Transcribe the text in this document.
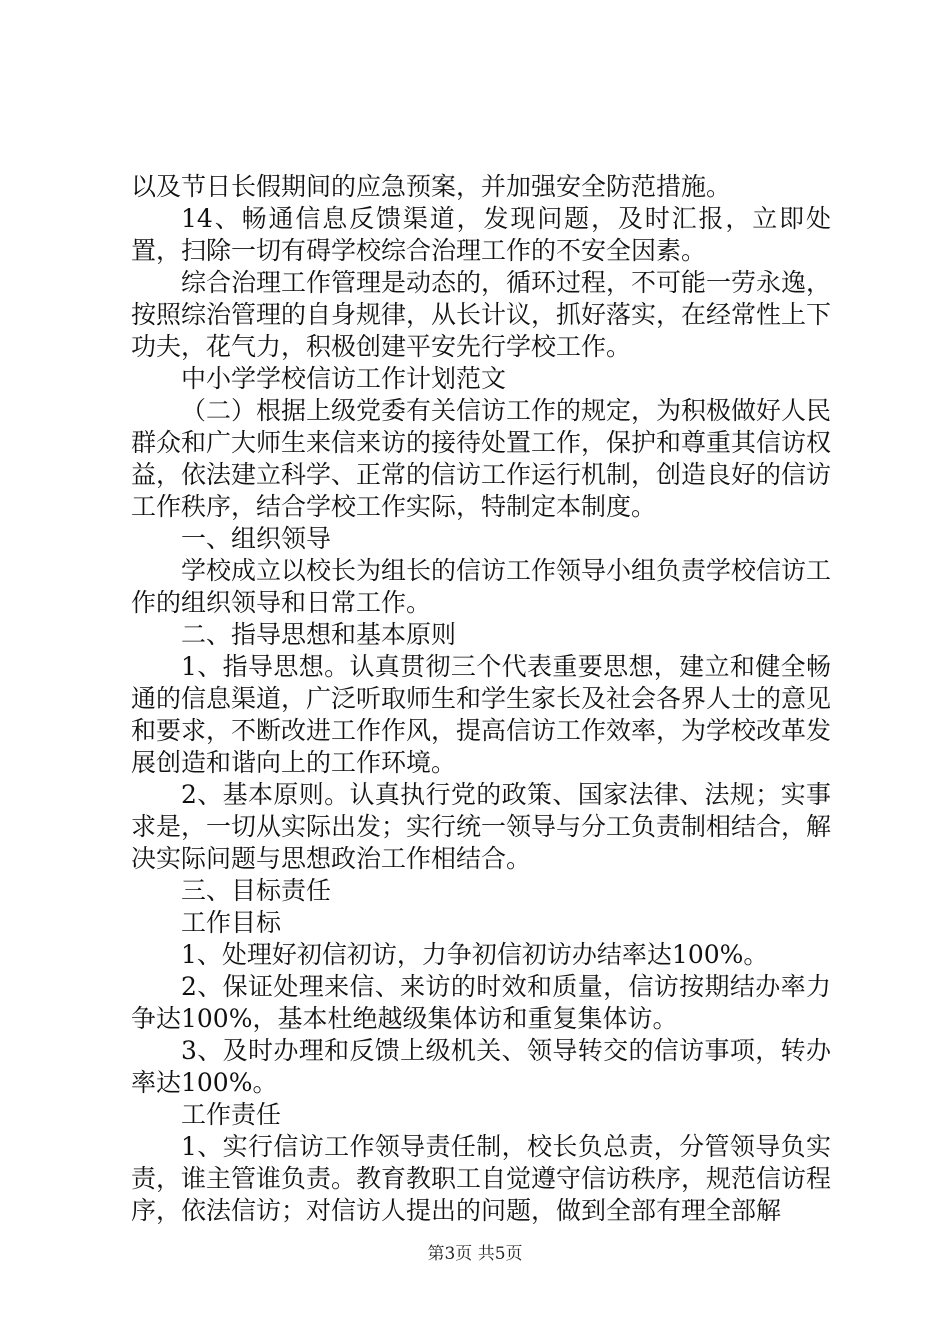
以及节日长假期间的应急预案，并加强安全防范措施。

14、畅通信息反馈渠道，发现问题，及时汇报，立即处置，扫除一切有碍学校综合治理工作的不安全因素。

综合治理工作管理是动态的，循环过程，不可能一劳永逸，按照综治管理的自身规律，从长计议，抓好落实，在经常性上下功夫，花气力，积极创建平安先行学校工作。

中小学学校信访工作计划范文

（二）根据上级党委有关信访工作的规定，为积极做好人民群众和广大师生来信来访的接待处置工作，保护和尊重其信访权益，依法建立科学、正常的信访工作运行机制，创造良好的信访工作秩序，结合学校工作实际，特制定本制度。

一、组织领导

学校成立以校长为组长的信访工作领导小组负责学校信访工作的组织领导和日常工作。

二、指导思想和基本原则

1、指导思想。认真贯彻三个代表重要思想，建立和健全畅通的信息渠道，广泛听取师生和学生家长及社会各界人士的意见和要求，不断改进工作作风，提高信访工作效率，为学校改革发展创造和谐向上的工作环境。

2、基本原则。认真执行党的政策、国家法律、法规；实事求是，一切从实际出发；实行统一领导与分工负责制相结合，解决实际问题与思想政治工作相结合。

三、目标责任

工作目标

1、处理好初信初访，力争初信初访办结率达100%。

2、保证处理来信、来访的时效和质量，信访按期结办率力争达100%，基本杜绝越级集体访和重复集体访。

3、及时办理和反馈上级机关、领导转交的信访事项，转办率达100%。

工作责任

1、实行信访工作领导责任制，校长负总责，分管领导负实责，谁主管谁负责。教育教职工自觉遵守信访秩序，规范信访程序，依法信访；对信访人提出的问题，做到全部有理全部解

第3页 共5页
